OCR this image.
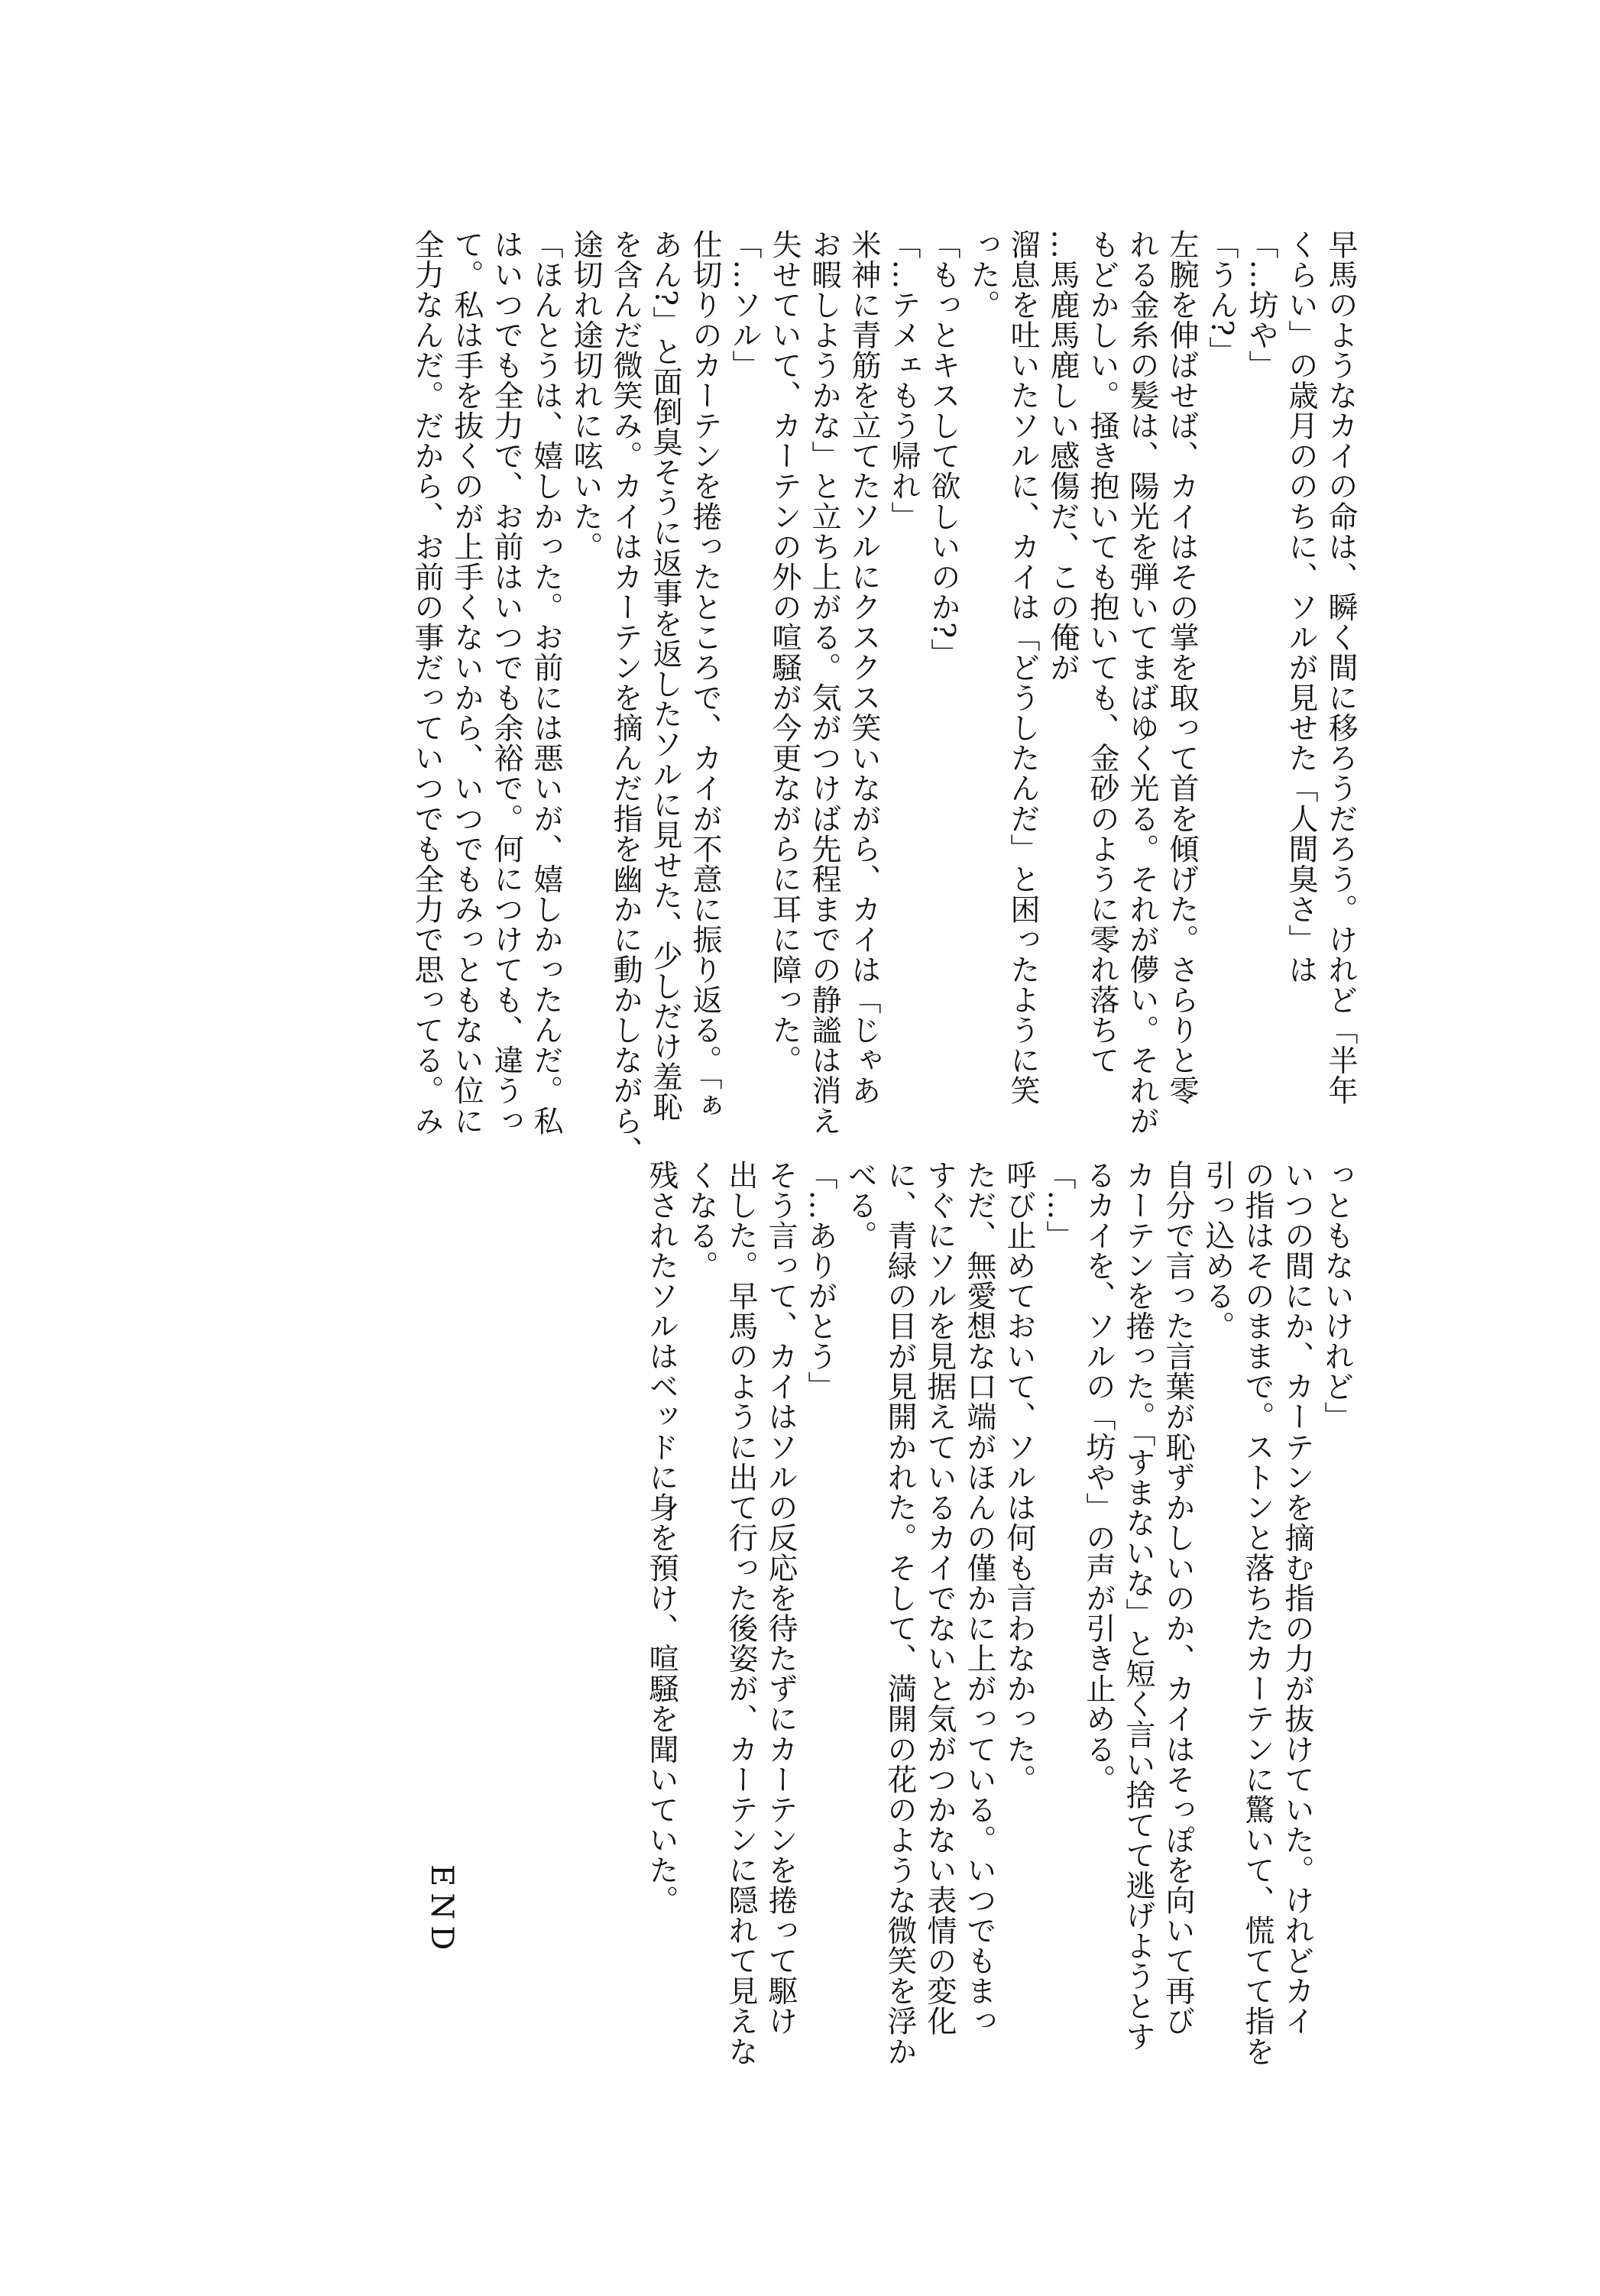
早馬のようなカイの命は、瞬く間に移ろうだろう。けれど「半年
くらい」の歳月ののちに、ソルが見せた「人間臭さ」は
「…坊や」
「うん?」
左腕を伸ばせば、カイはその掌を取って首を傾げた。さらりと零
れる金糸の髪は、陽光を弾いてまばゆく光る。それが儚い。それが
もどかしい。掻き抱いても抱いても、金砂のように零れ落ちて
…馬鹿馬鹿しい感傷だ、この俺が
溜息を吐いたソルに、カイは「どうしたんだ」と困ったように笑
った。
「もっとキスして欲しいのか?」
「…テメェもう帰れ」
米神に青筋を立てたソルにクスクス笑いながら、カイは「じゃあ
お暇しようかな」と立ち上がる。気がつけば先程までの静謐は消え
失せていて、カーテンの外の喧騒が今更ながらに耳に障った。
「…ソル」
仕切りのカーテンを捲ったところで、カイが不意に振り返る。「ぁ
あん?」と面倒臭そうに返事を返したソルに見せた、少しだけ羞恥
を含んだ微笑み。カイはカーテンを摘んだ指を幽かに動かしながら、
途切れ途切れに呟いた。
「ほんとうは、嬉しかった。お前には悪いが、嬉しかったんだ。私
はいつでも全力で、お前はいつでも余裕で。何につけても、違うっ
て。私は手を抜くのが上手くないから、いつでもみっともない位に
全力なんだ。だから、お前の事だっていつでも全力で思ってる。み
っともないけれど」
いつの間にか、カーテンを摘む指の力が抜けていた。けれどカイ
の指はそのままで。ストンと落ちたカーテンに驚いて、慌てて指を
引っ込める。
自分で言った言葉が恥ずかしいのか、カイはそっぽを向いて再び
カーテンを捲った。「すまないな」と短く言い捨てて逃げようとす
るカイを、ソルの「坊や」の声が引き止める。
「…」
呼び止めておいて、ソルは何も言わなかった。
ただ、無愛想な口端がほんの僅かに上がっている。いつでもまっ
すぐにソルを見据えているカイでないと気がつかない表情の変化
に、青緑の目が見開かれた。そして、満開の花のような微笑を浮か
べる。
「…ありがとう」
そう言って、カイはソルの反応を待たずにカーテンを捲って駆け
出した。早馬のように出て行った後姿が、カーテンに隠れて見えな
くなる。
残されたソルはベッドに身を預け、喧騒を聞いていた。
END
